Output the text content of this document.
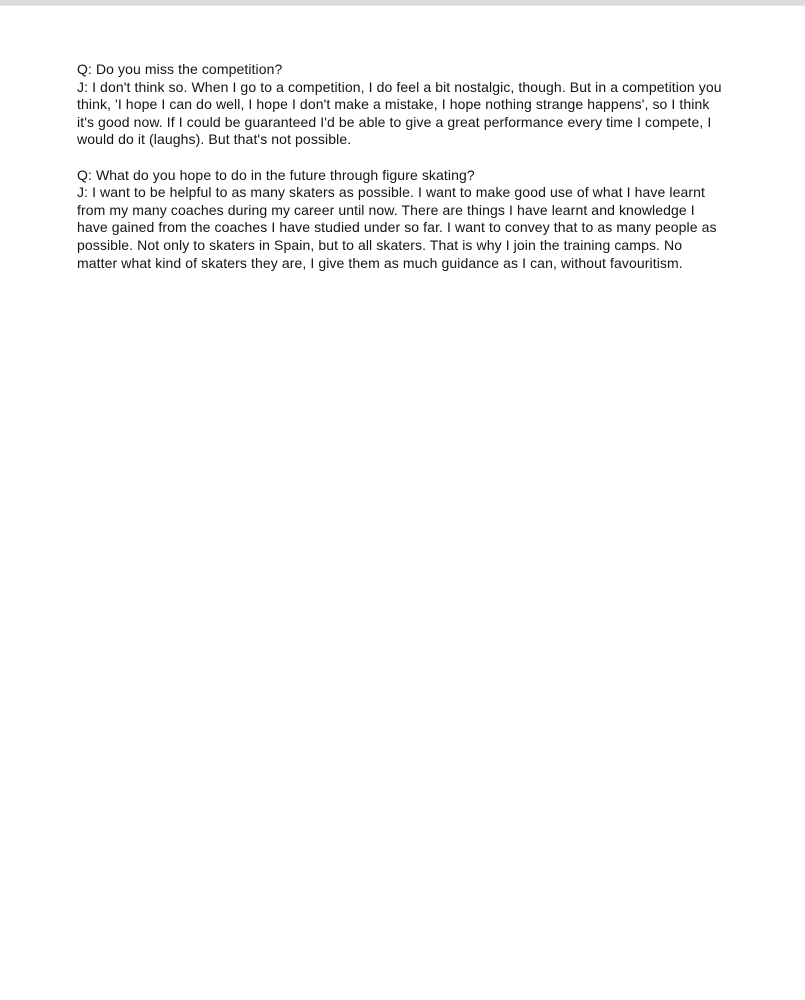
Q: Do you miss the competition?

J: I don't think so. When I go to a competition, I do feel a bit nostalgic, though. But in a competition you think, 'I hope I can do well, I hope I don't make a mistake, I hope nothing strange happens', so I think it's good now. If I could be guaranteed I'd be able to give a great performance every time I compete, I would do it (laughs). But that's not possible.

Q: What do you hope to do in the future through figure skating?

J: I want to be helpful to as many skaters as possible. I want to make good use of what I have learnt from my many coaches during my career until now. There are things I have learnt and knowledge I have gained from the coaches I have studied under so far. I want to convey that to as many people as possible. Not only to skaters in Spain, but to all skaters. That is why I join the training camps. No matter what kind of skaters they are, I give them as much guidance as I can, without favouritism.
